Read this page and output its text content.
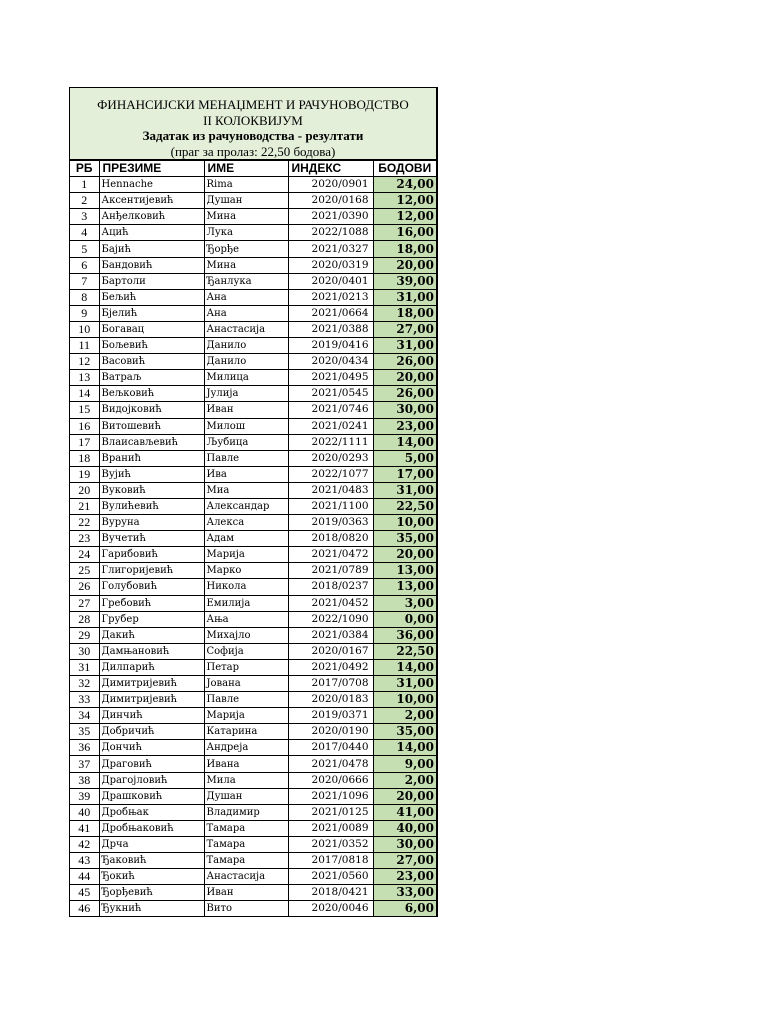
ФИНАНСИЈСКИ МЕНАЏМЕНТ И РАЧУНОВОДСТВО
II КОЛОКВИЈУМ
Задатак из рачуноводства - резултати
(праг за пролаз: 22,50 бодова)
РБ	ПРЕЗИМЕ	ИМЕ	ИНДЕКС	БОДОВИ
1	Hennache	Rima	2020/0901	24,00
2	Аксентијевић	Душан	2020/0168	12,00
3	Анђелковић	Мина	2021/0390	12,00
4	Ацић	Лука	2022/1088	16,00
5	Бајић	Ђорђе	2021/0327	18,00
6	Бандовић	Мина	2020/0319	20,00
7	Бартоли	Ђанлука	2020/0401	39,00
8	Бељић	Ана	2021/0213	31,00
9	Бјелић	Ана	2021/0664	18,00
10	Богавац	Анастасија	2021/0388	27,00
11	Бољевић	Данило	2019/0416	31,00
12	Васовић	Данило	2020/0434	26,00
13	Ватраљ	Милица	2021/0495	20,00
14	Вељковић	Јулија	2021/0545	26,00
15	Видојковић	Иван	2021/0746	30,00
16	Витошевић	Милош	2021/0241	23,00
17	Влаисављевић	Љубица	2022/1111	14,00
18	Враниħ	Павле	2020/0293	5,00
19	Вујић	Ива	2022/1077	17,00
20	Вуковић	Миа	2021/0483	31,00
21	Вулићевић	Александар	2021/1100	22,50
22	Вуруна	Алекса	2019/0363	10,00
23	Вучетић	Адам	2018/0820	35,00
24	Гарибовић	Марија	2021/0472	20,00
25	Глигоријевић	Марко	2021/0789	13,00
26	Голубовић	Никола	2018/0237	13,00
27	Гребовић	Емилија	2021/0452	3,00
28	Грубер	Ања	2022/1090	0,00
29	Дакић	Михајло	2021/0384	36,00
30	Дамњановић	Софија	2020/0167	22,50
31	Дилпарић	Петар	2021/0492	14,00
32	Димитријевић	Јована	2017/0708	31,00
33	Димитријевић	Павле	2020/0183	10,00
34	Динчић	Марија	2019/0371	2,00
35	Добричић	Катарина	2020/0190	35,00
36	Дончић	Андреја	2017/0440	14,00
37	Драговић	Ивана	2021/0478	9,00
38	Драгојловић	Мила	2020/0666	2,00
39	Драшковић	Душан	2021/1096	20,00
40	Дробњак	Владимир	2021/0125	41,00
41	Дробњаковић	Тамара	2021/0089	40,00
42	Дрча	Тамара	2021/0352	30,00
43	Ђаковић	Тамара	2017/0818	27,00
44	Ђокић	Анастасија	2021/0560	23,00
45	Ђорђевић	Иван	2018/0421	33,00
46	Ђукнић	Вито	2020/0046	6,00
